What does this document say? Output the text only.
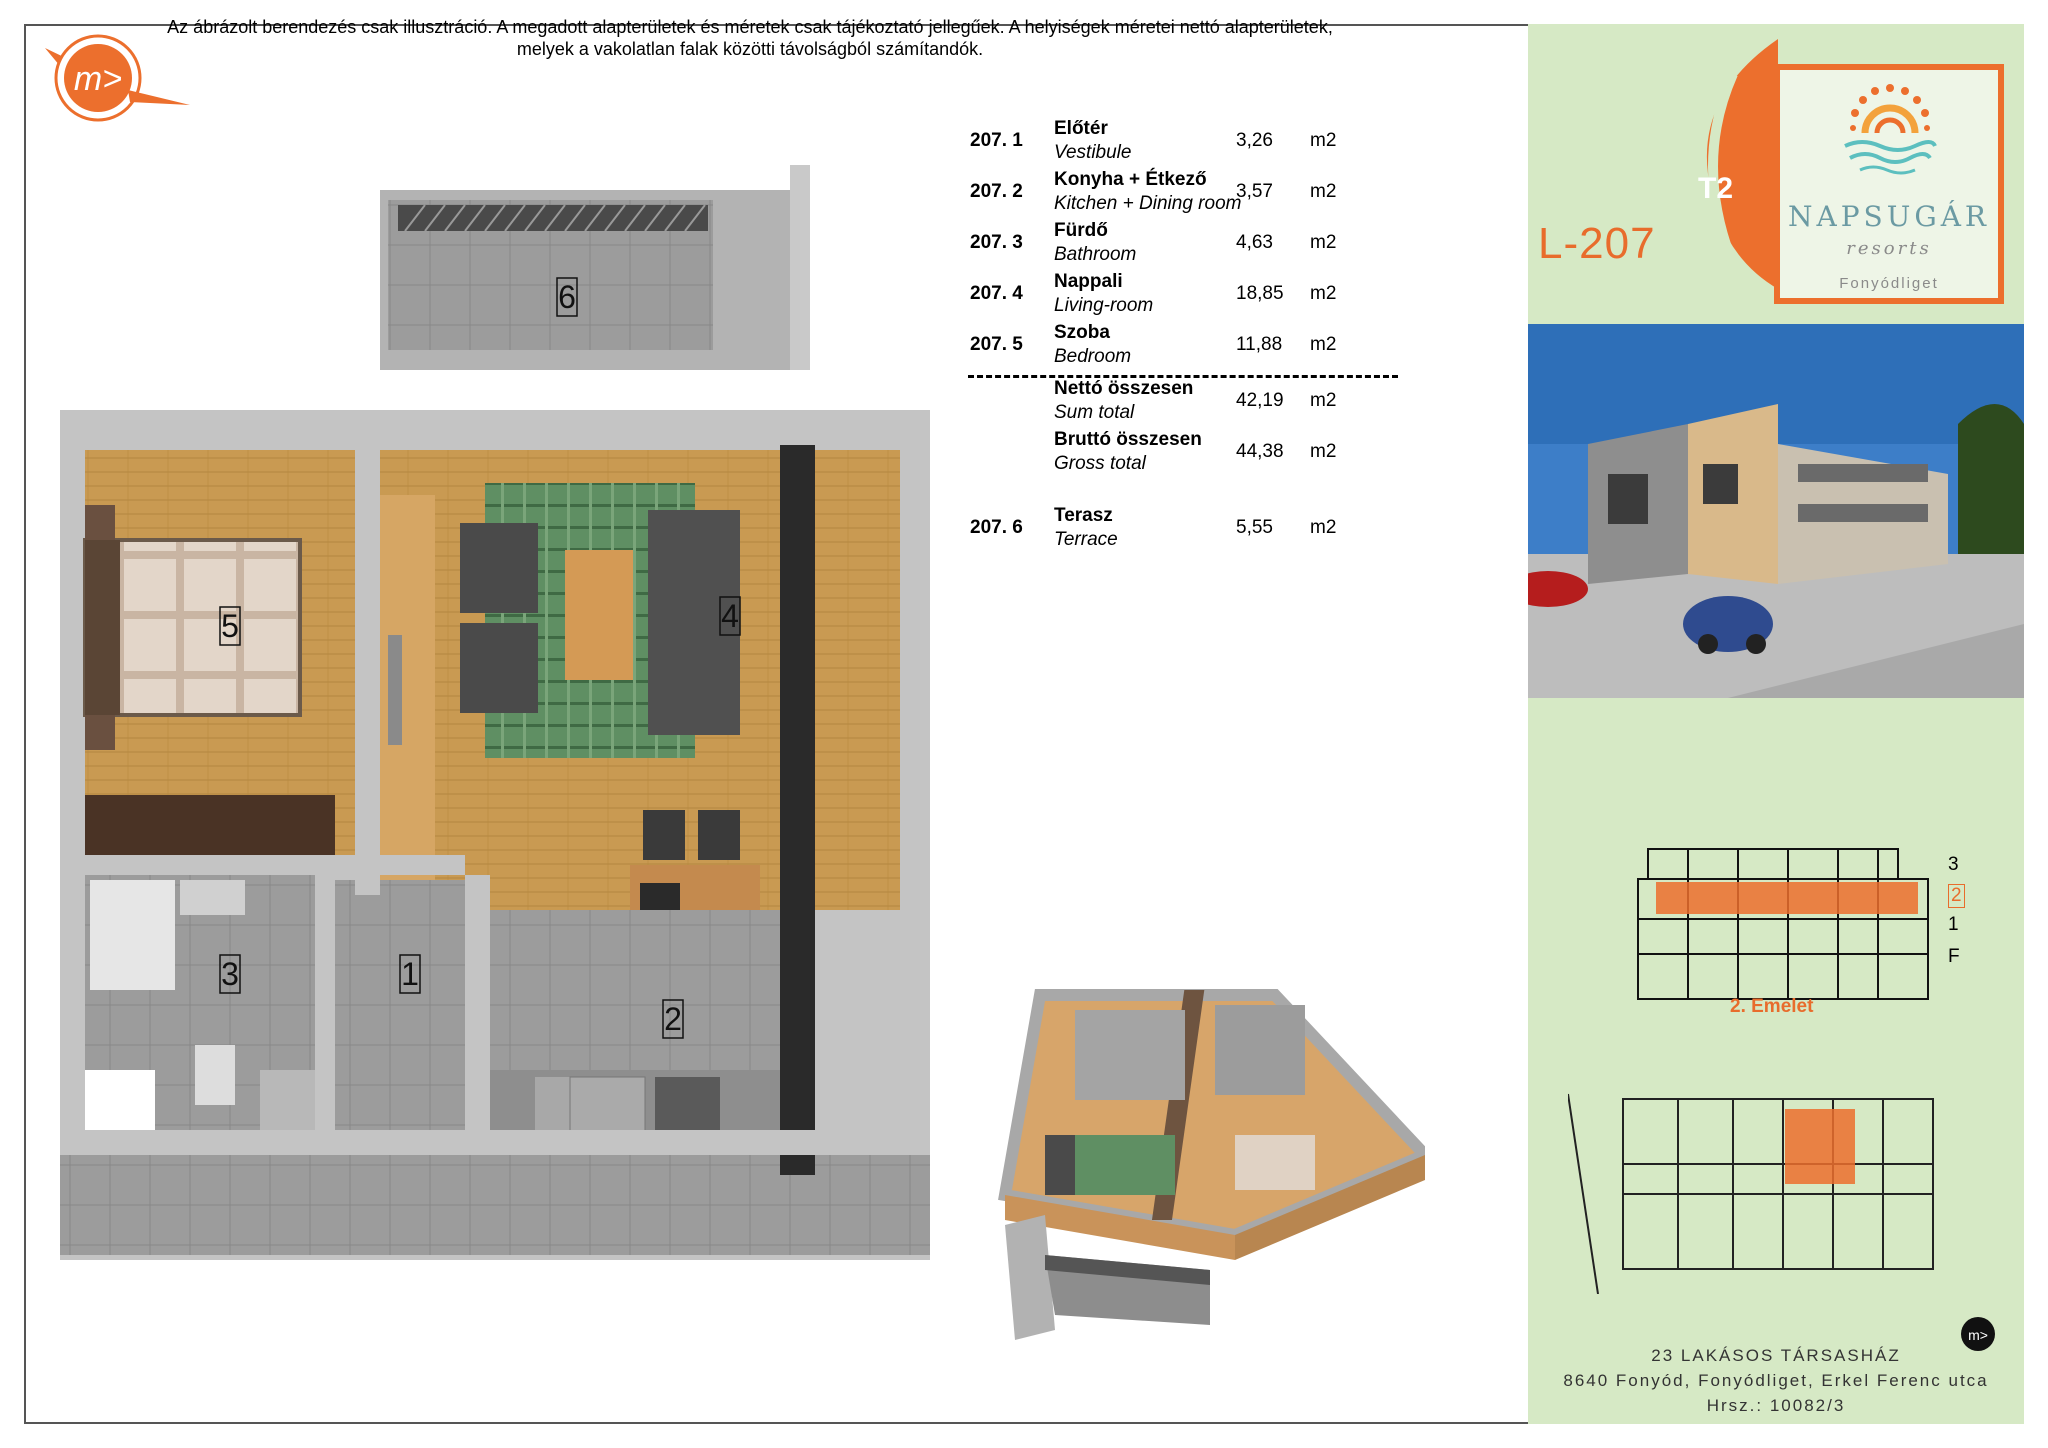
m>
Az ábrázolt berendezés csak illusztráció. A megadott alapterületek és méretek csak tájékoztató jellegűek. A helyiségek méretei nettó alapterületek,
melyek a vakolatlan falak közötti távolságból számítandók.
6
5	4
3	1
2
207. 1
Előtér
Vestibule
3,26 m2
207. 2
Konyha + Étkező
Kitchen + Dining room
3,57 m2
207. 3
Fürdő
Bathroom
4,63 m2
207. 4
Nappali
Living-room
18,85 m2
207. 5
Szoba
Bedroom
11,88 m2
Nettó összesen
Sum total
42,19 m2
Bruttó összesen
Gross total
44,38 m2
207. 6
Terasz
Terrace
5,55 m2
T2
L-207
NAPSUGÁR
resorts
Fonyódliget
3
2
1
F
2. Emelet
m>
23 LAKÁSOS TÁRSASHÁZ
8640 Fonyód, Fonyódliget, Erkel Ferenc utca
Hrsz.: 10082/3
